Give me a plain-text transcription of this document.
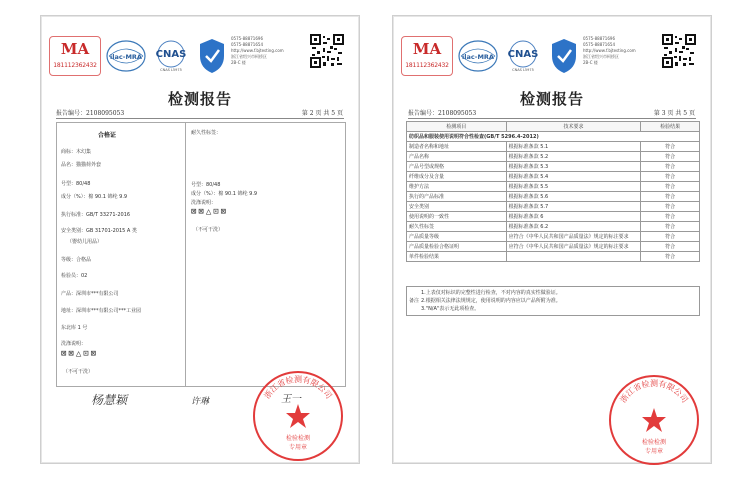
MA
181112362432
ilac-MRA CNAS
CNAS L5975
0575-88871696
0575-88871654
http://www.f.bjtesting.com
浙江省绍兴市柯桥区
2B-C 楼
检测报告
报告编号：2108095053	第 2 页 共 5 页
合格证
商标：木幻集
品名：猫猫荷外套
号型：80/48
成分（%）：棉 90.1 锦纶 9.9
执行标准：GB/T 33271-2016
安全类别：GB 31701-2015 A 类
（婴幼儿用品）
等级：合格品
检验员：02
产品：深圳市***有限公司
地址：深圳市***有限公司***工业园
东北库 1 号
洗涤说明：
⊠⊠△⊡⊠
（不可干洗）
耐久性标签：
号型：80/48
成分（%）：棉 90.1 锦纶 9.9
洗涤说明：
⊠⊠△⊡⊠
（不可干洗）
杨慧颖	许琳	王一
MA
181112362432
ilac-MRA CNAS
CNAS L5975
0575-88871696
0575-88871654
http://www.f.bjtesting.com
浙江省绍兴市柯桥区
2B-C 楼
检测报告
报告编号：2108095053	第 3 页 共 5 页
检测项目	技术要求	检验结果
纺织品和服装使用说明符合性检查(GB/T 5296.4-2012)		
制造者名称和地址	根据标准条款 5.1	符合
产品名称	根据标准条款 5.2	符合
产品号型或规格	根据标准条款 5.3	符合
纤维成分及含量	根据标准条款 5.4	符合
维护方法	根据标准条款 5.5	符合
执行的产品标准	根据标准条款 5.6	符合
安全类别	根据标准条款 5.7	符合
使用说明的一致性	根据标准条款 6	符合
耐久性标签	根据标准条款 6.2	符合
产品质量等级	应符合《中华人民共和国产品质量法》规定的标注要求	符合
产品质量检验合格证明	应符合《中华人民共和国产品质量法》规定的标注要求	符合
单件检验结果		符合
备注
1.上表仅对标识的完整性进行检查，不对内容的真实性做验证。
2.根据相关法律法规规定，使用说明的内容应以产品所附为准。
3."N/A"表示无此项检查。
浙江省检测有限公司
检验检测
专用章
浙江省检测有限公司
检验检测
专用章
